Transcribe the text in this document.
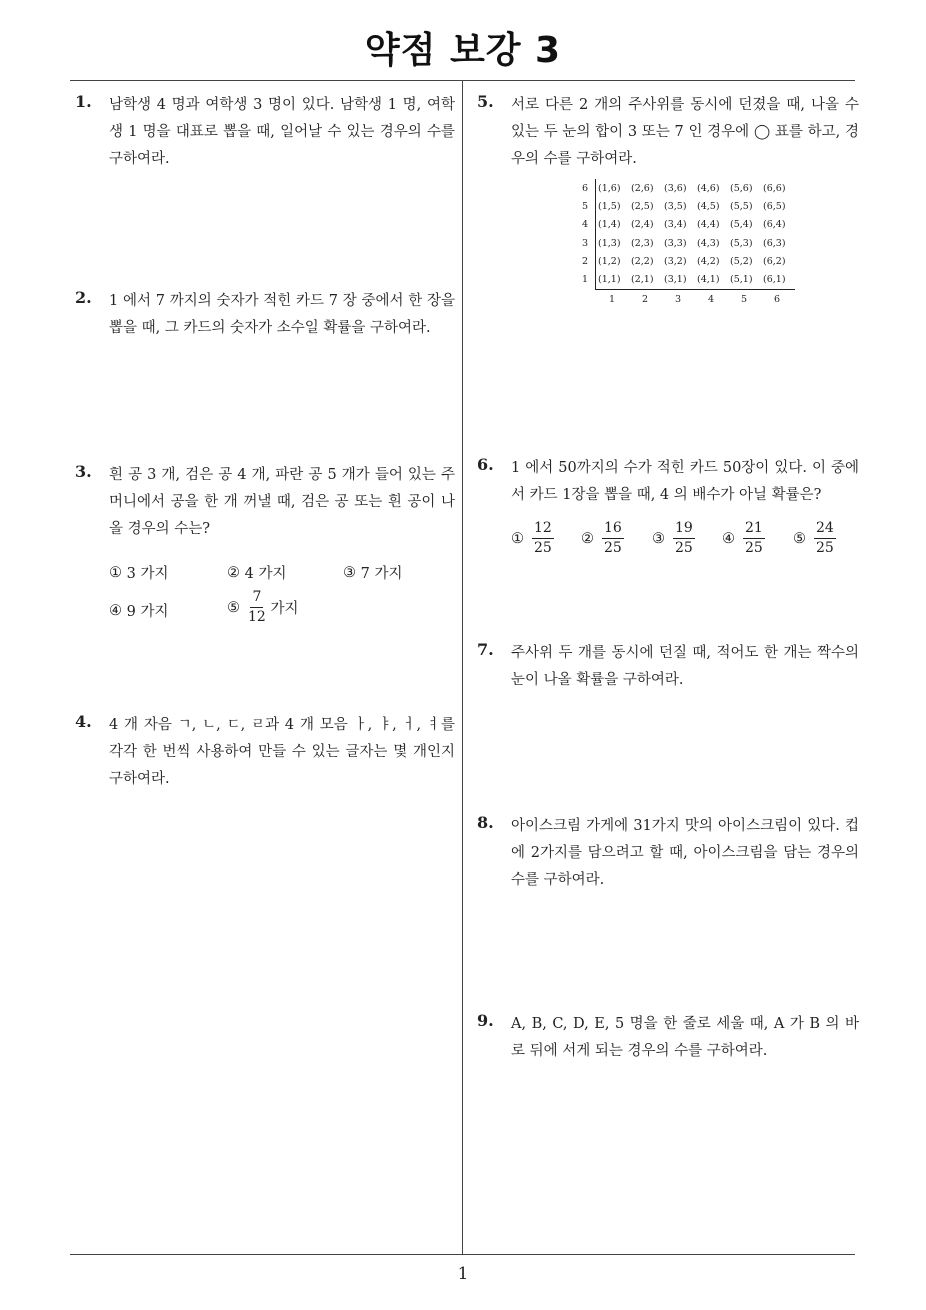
약점 보강 3
1. 남학생 4 명과 여학생 3 명이 있다. 남학생 1 명, 여학생 1 명을 대표로 뽑을 때, 일어날 수 있는 경우의 수를 구하여라.
2. 1 에서 7 까지의 숫자가 적힌 카드 7 장 중에서 한 장을 뽑을 때, 그 카드의 숫자가 소수일 확률을 구하여라.
3. 흰 공 3 개, 검은 공 4 개, 파란 공 5 개가 들어 있는 주머니에서 공을 한 개 꺼낼 때, 검은 공 또는 흰 공이 나올 경우의 수는?
①
3 가지	②
4 가지	③
7 가지
④
9 가지	⑤ $\frac{7}{12}$
가지
4. 4 개 자음 ㄱ, ㄴ, ㄷ, ㄹ과 4 개 모음 ㅏ, ㅑ, ㅓ, ㅕ를 각각 한 번씩 사용하여 만들 수 있는 글자는 몇 개인지 구하여라.
5. 서로 다른 2 개의 주사위를 동시에 던졌을 때, 나올 수 있는 두 눈의 합이 3 또는 7 인 경우에 ◯ 표를 하고, 경우의 수를 구하여라.
6 (1,6) (2,6) (3,6) (4,6) (5,6) (6,6)
5 (1,5) (2,5) (3,5) (4,5) (5,5) (6,5)
4 (1,4) (2,4) (3,4) (4,4) (5,4) (6,4)
3 (1,3) (2,3) (3,3) (4,3) (5,3) (6,3)
2 (1,2) (2,2) (3,2) (4,2) (5,2) (6,2)
1 (1,1) (2,1) (3,1) (4,1) (5,1) (6,1)
1	2	3	4	5	6
6. 1 에서 50까지의 수가 적힌 카드 50장이 있다. 이 중에서 카드 1장을 뽑을 때, 4 의 배수가 아닐 확률은?
① $\frac{12}{25}$ ② $\frac{16}{25}$ ③ $\frac{19}{25}$ ④ $\frac{21}{25}$ ⑤ $\frac{24}{25}$
7. 주사위 두 개를 동시에 던질 때, 적어도 한 개는 짝수의 눈이 나올 확률을 구하여라.
8. 아이스크림 가게에 31가지 맛의 아이스크림이 있다. 컵에 2가지를 담으려고 할 때, 아이스크림을 담는 경우의 수를 구하여라.
9. A, B, C, D, E, 5 명을 한 줄로 세울 때, A 가 B 의 바로 뒤에 서게 되는 경우의 수를 구하여라.
1
